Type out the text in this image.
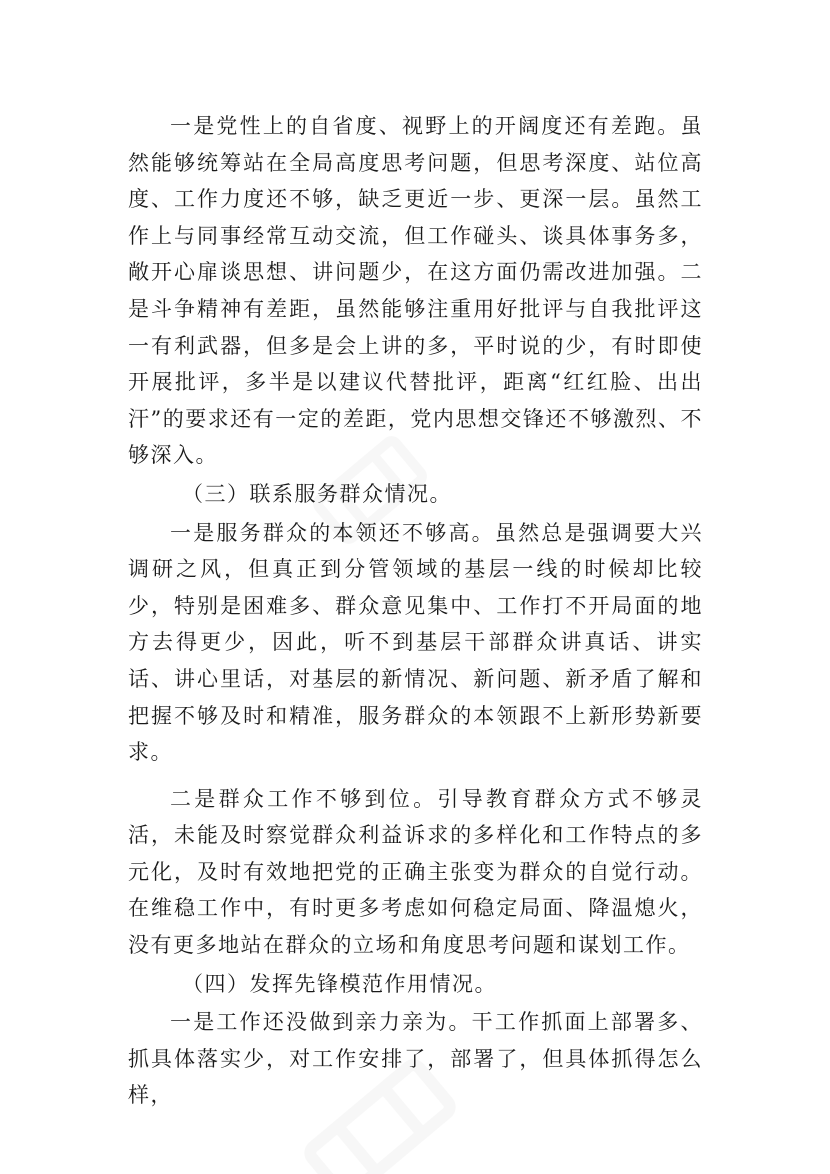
一是党性上的自省度、视野上的开阔度还有差跑。虽然能够统筹站在全局高度思考问题，但思考深度、站位高度、工作力度还不够，缺乏更近一步、更深一层。虽然工作上与同事经常互动交流，但工作碰头、谈具体事务多，敞开心扉谈思想、讲问题少，在这方面仍需改进加强。二是斗争精神有差距，虽然能够注重用好批评与自我批评这一有利武器，但多是会上讲的多，平时说的少，有时即使开展批评，多半是以建议代替批评，距离“红红脸、出出汗”的要求还有一定的差距，党内思想交锋还不够激烈、不够深入。

（三）联系服务群众情况。

一是服务群众的本领还不够高。虽然总是强调要大兴调研之风，但真正到分管领域的基层一线的时候却比较少，特别是困难多、群众意见集中、工作打不开局面的地方去得更少，因此，听不到基层干部群众讲真话、讲实话、讲心里话，对基层的新情况、新问题、新矛盾了解和把握不够及时和精准，服务群众的本领跟不上新形势新要求。

二是群众工作不够到位。引导教育群众方式不够灵活，未能及时察觉群众利益诉求的多样化和工作特点的多元化，及时有效地把党的正确主张变为群众的自觉行动。在维稳工作中，有时更多考虑如何稳定局面、降温熄火，没有更多地站在群众的立场和角度思考问题和谋划工作。

（四）发挥先锋模范作用情况。

一是工作还没做到亲力亲为。干工作抓面上部署多、抓具体落实少，对工作安排了，部署了，但具体抓得怎么样，
